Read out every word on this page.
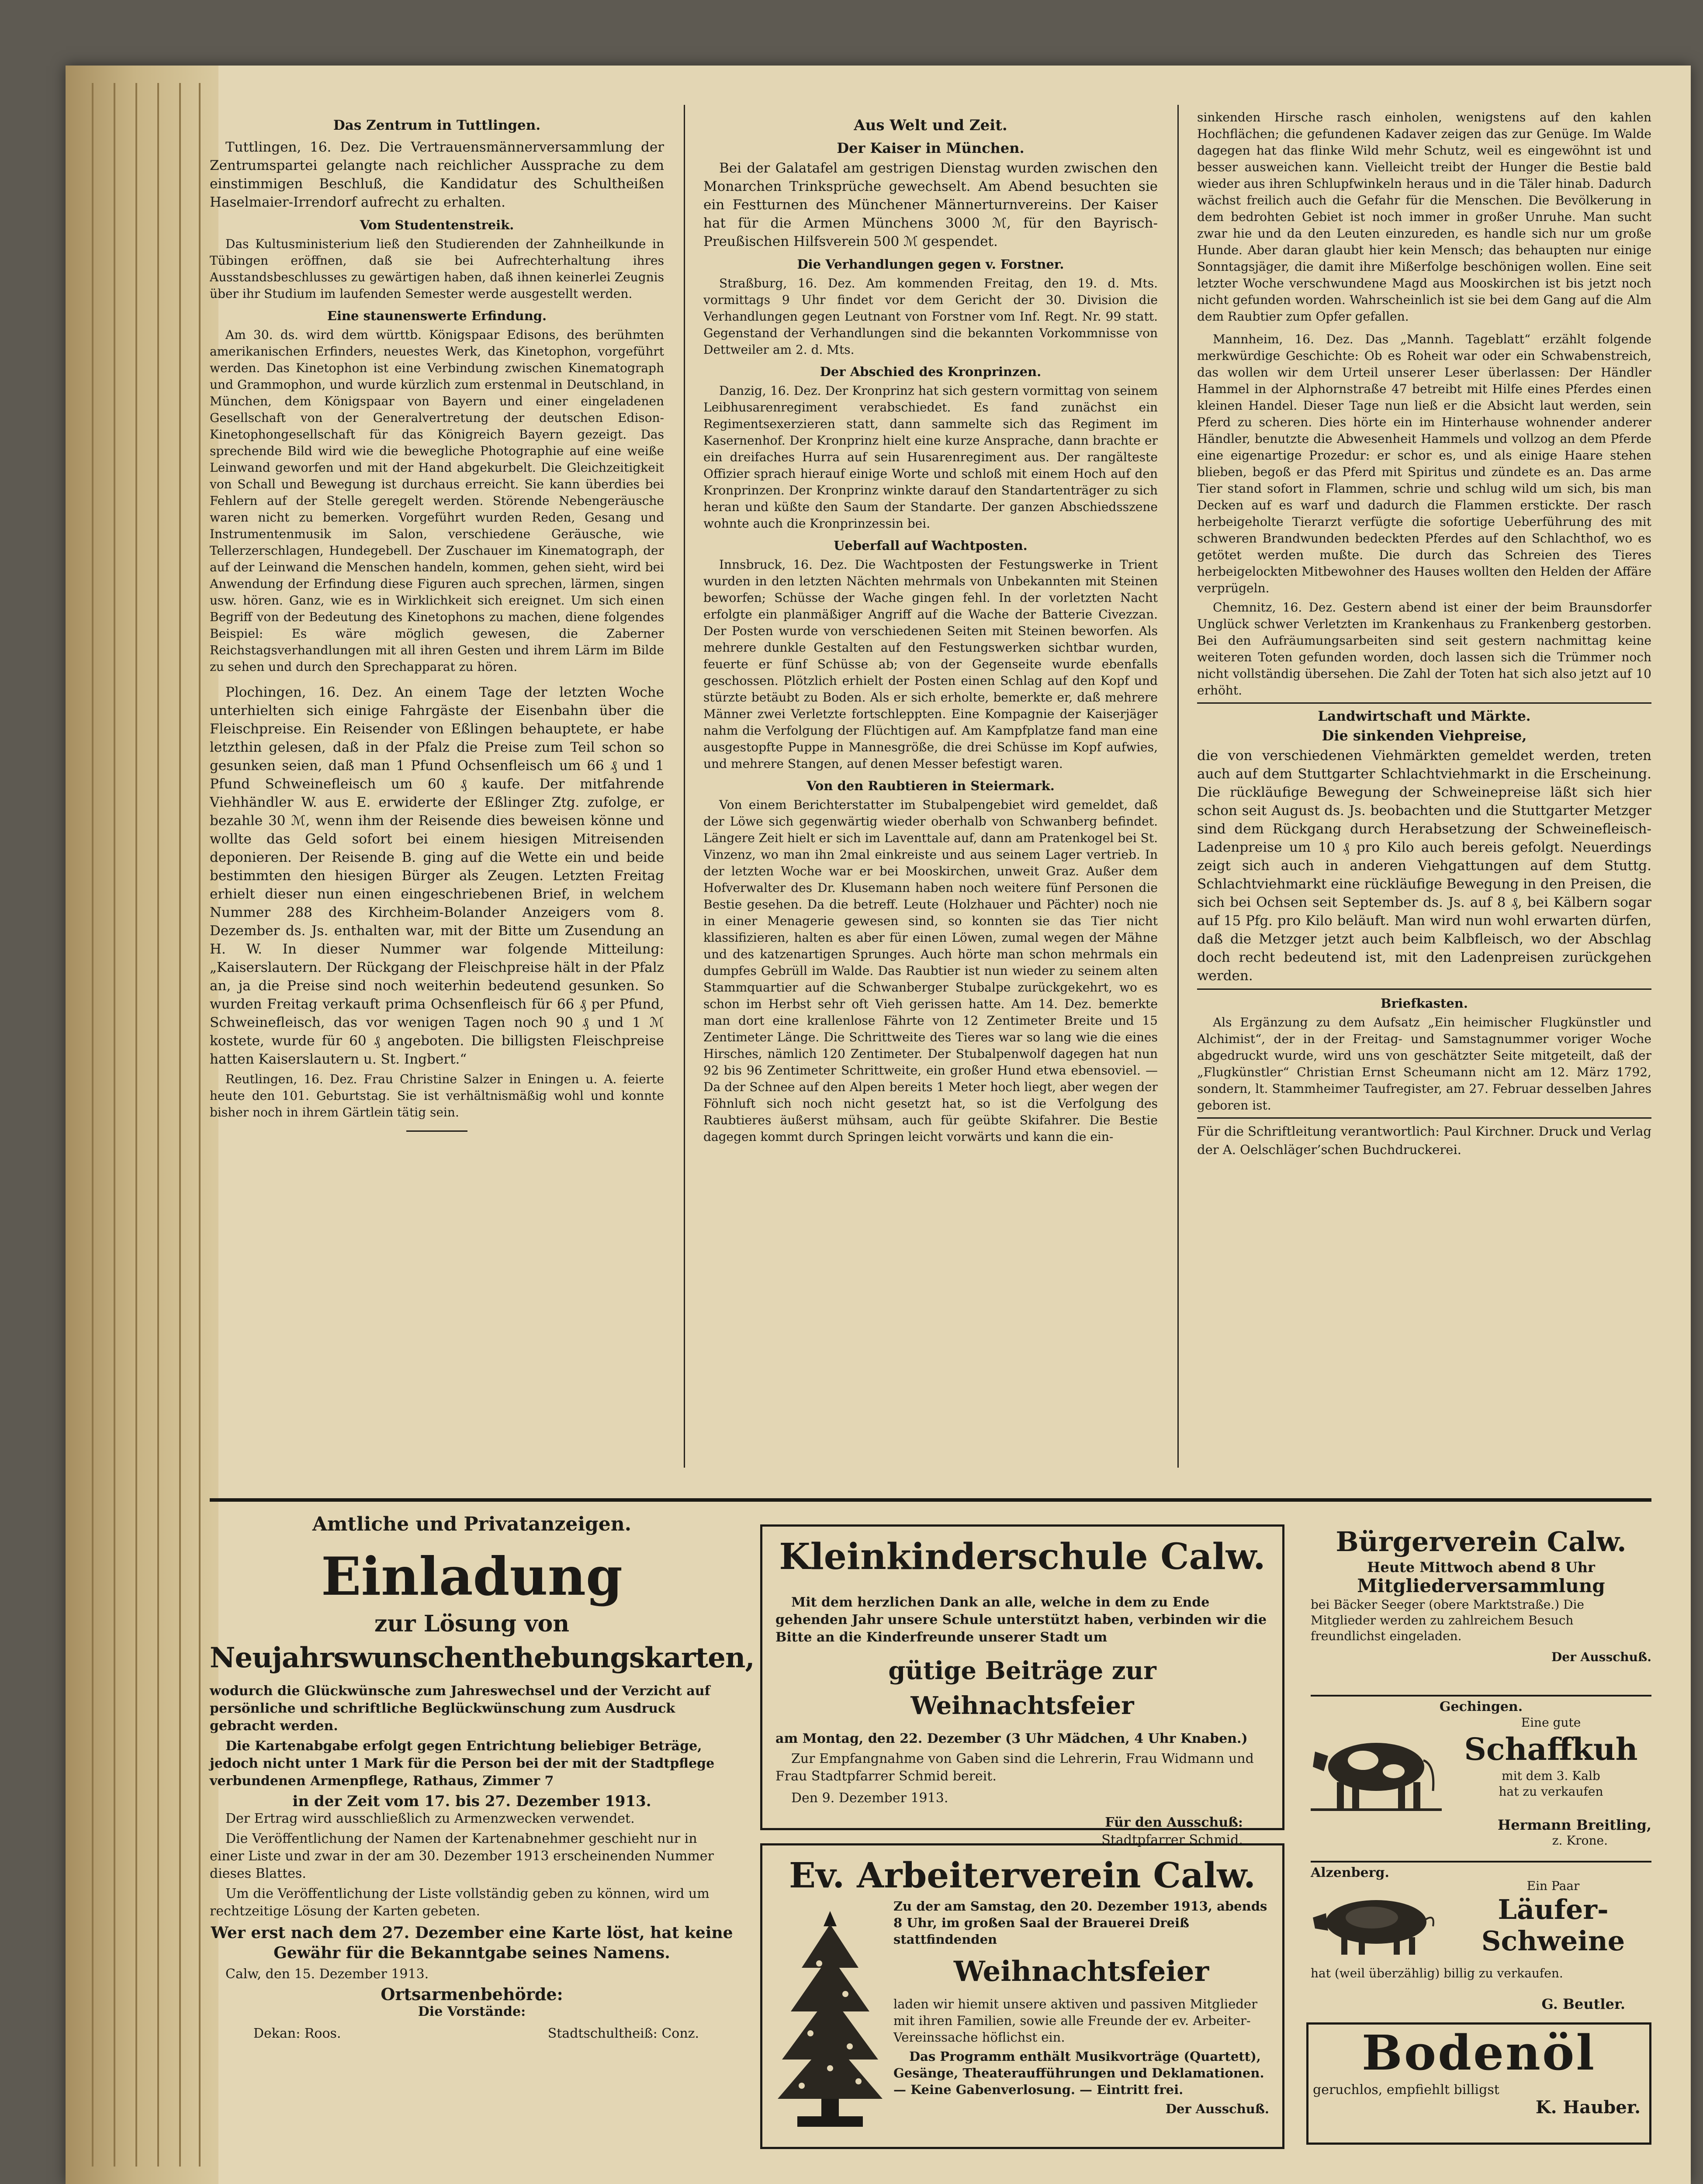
Das Zentrum in Tuttlingen.

Tuttlingen, 16. Dez. Die Vertrauensmännerversammlung der Zentrumspartei gelangte nach reichlicher Aussprache zu dem einstimmigen Beschluß, die Kandidatur des Schultheißen Haselmaier-Irrendorf aufrecht zu erhalten.

Vom Studentenstreik.

Das Kultusministerium ließ den Studierenden der Zahnheilkunde in Tübingen eröffnen, daß sie bei Aufrechterhaltung ihres Ausstandsbeschlusses zu gewärtigen haben, daß ihnen keinerlei Zeugnis über ihr Studium im laufenden Semester werde ausgestellt werden.

Eine staunenswerte Erfindung.

Am 30. ds. wird dem württb. Königspaar Edisons, des berühmten amerikanischen Erfinders, neuestes Werk, das Kinetophon, vorgeführt werden. Das Kinetophon ist eine Verbindung zwischen Kinematograph und Grammophon, und wurde kürzlich zum erstenmal in Deutschland, in München, dem Königspaar von Bayern und einer eingeladenen Gesellschaft von der Generalvertretung der deutschen Edison-Kinetophongesellschaft für das Königreich Bayern gezeigt. Das sprechende Bild wird wie die bewegliche Photographie auf eine weiße Leinwand geworfen und mit der Hand abgekurbelt. Die Gleichzeitigkeit von Schall und Bewegung ist durchaus erreicht. Sie kann überdies bei Fehlern auf der Stelle geregelt werden. Störende Nebengeräusche waren nicht zu bemerken. Vorgeführt wurden Reden, Gesang und Instrumentenmusik im Salon, verschiedene Geräusche, wie Tellerzerschlagen, Hundegebell. Der Zuschauer im Kinematograph, der auf der Leinwand die Menschen handeln, kommen, gehen sieht, wird bei Anwendung der Erfindung diese Figuren auch sprechen, lärmen, singen usw. hören. Ganz, wie es in Wirklichkeit sich ereignet. Um sich einen Begriff von der Bedeutung des Kinetophons zu machen, diene folgendes Beispiel: Es wäre möglich gewesen, die Zaberner Reichstagsverhandlungen mit all ihren Gesten und ihrem Lärm im Bilde zu sehen und durch den Sprechapparat zu hören.

Plochingen, 16. Dez. An einem Tage der letzten Woche unterhielten sich einige Fahrgäste der Eisenbahn über die Fleischpreise. Ein Reisender von Eßlingen behauptete, er habe letzthin gelesen, daß in der Pfalz die Preise zum Teil schon so gesunken seien, daß man 1 Pfund Ochsenfleisch um 66 ₰ und 1 Pfund Schweinefleisch um 60 ₰ kaufe. Der mitfahrende Viehhändler W. aus E. erwiderte der Eßlinger Ztg. zufolge, er bezahle 30 ℳ, wenn ihm der Reisende dies beweisen könne und wollte das Geld sofort bei einem hiesigen Mitreisenden deponieren. Der Reisende B. ging auf die Wette ein und beide bestimmten den hiesigen Bürger als Zeugen. Letzten Freitag erhielt dieser nun einen eingeschriebenen Brief, in welchem Nummer 288 des Kirchheim-Bolander Anzeigers vom 8. Dezember ds. Js. enthalten war, mit der Bitte um Zusendung an H. W. In dieser Nummer war folgende Mitteilung: „Kaiserslautern. Der Rückgang der Fleischpreise hält in der Pfalz an, ja die Preise sind noch weiterhin bedeutend gesunken. So wurden Freitag verkauft prima Ochsenfleisch für 66 ₰ per Pfund, Schweinefleisch, das vor wenigen Tagen noch 90 ₰ und 1 ℳ kostete, wurde für 60 ₰ angeboten. Die billigsten Fleischpreise hatten Kaiserslautern u. St. Ingbert.“

Reutlingen, 16. Dez. Frau Christine Salzer in Eningen u. A. feierte heute den 101. Geburtstag. Sie ist verhältnismäßig wohl und konnte bisher noch in ihrem Gärtlein tätig sein.

Aus Welt und Zeit.
Der Kaiser in München.

Bei der Galatafel am gestrigen Dienstag wurden zwischen den Monarchen Trinksprüche gewechselt. Am Abend besuchten sie ein Festturnen des Münchener Männerturnvereins. Der Kaiser hat für die Armen Münchens 3000 ℳ, für den Bayrisch-Preußischen Hilfsverein 500 ℳ gespendet.

Die Verhandlungen gegen v. Forstner.

Straßburg, 16. Dez. Am kommenden Freitag, den 19. d. Mts. vormittags 9 Uhr findet vor dem Gericht der 30. Division die Verhandlungen gegen Leutnant von Forstner vom Inf. Regt. Nr. 99 statt. Gegenstand der Verhandlungen sind die bekannten Vorkommnisse von Dettweiler am 2. d. Mts.

Der Abschied des Kronprinzen.

Danzig, 16. Dez. Der Kronprinz hat sich gestern vormittag von seinem Leibhusarenregiment verabschiedet. Es fand zunächst ein Regimentsexerzieren statt, dann sammelte sich das Regiment im Kasernenhof. Der Kronprinz hielt eine kurze Ansprache, dann brachte er ein dreifaches Hurra auf sein Husarenregiment aus. Der rangälteste Offizier sprach hierauf einige Worte und schloß mit einem Hoch auf den Kronprinzen. Der Kronprinz winkte darauf den Standartenträger zu sich heran und küßte den Saum der Standarte. Der ganzen Abschiedsszene wohnte auch die Kronprinzessin bei.

Ueberfall auf Wachtposten.

Innsbruck, 16. Dez. Die Wachtposten der Festungswerke in Trient wurden in den letzten Nächten mehrmals von Unbekannten mit Steinen beworfen; Schüsse der Wache gingen fehl. In der vorletzten Nacht erfolgte ein planmäßiger Angriff auf die Wache der Batterie Civezzan. Der Posten wurde von verschiedenen Seiten mit Steinen beworfen. Als mehrere dunkle Gestalten auf den Festungswerken sichtbar wurden, feuerte er fünf Schüsse ab; von der Gegenseite wurde ebenfalls geschossen. Plötzlich erhielt der Posten einen Schlag auf den Kopf und stürzte betäubt zu Boden. Als er sich erholte, bemerkte er, daß mehrere Männer zwei Verletzte fortschleppten. Eine Kompagnie der Kaiserjäger nahm die Verfolgung der Flüchtigen auf. Am Kampfplatze fand man eine ausgestopfte Puppe in Mannesgröße, die drei Schüsse im Kopf aufwies, und mehrere Stangen, auf denen Messer befestigt waren.

Von den Raubtieren in Steiermark.

Von einem Berichterstatter im Stubalpengebiet wird gemeldet, daß der Löwe sich gegenwärtig wieder oberhalb von Schwanberg befindet. Längere Zeit hielt er sich im Laventtale auf, dann am Pratenkogel bei St. Vinzenz, wo man ihn 2mal einkreiste und aus seinem Lager vertrieb. In der letzten Woche war er bei Mooskirchen, unweit Graz. Außer dem Hofverwalter des Dr. Klusemann haben noch weitere fünf Personen die Bestie gesehen. Da die betreff. Leute (Holzhauer und Pächter) noch nie in einer Menagerie gewesen sind, so konnten sie das Tier nicht klassifizieren, halten es aber für einen Löwen, zumal wegen der Mähne und des katzenartigen Sprunges. Auch hörte man schon mehrmals ein dumpfes Gebrüll im Walde. Das Raubtier ist nun wieder zu seinem alten Stammquartier auf die Schwanberger Stubalpe zurückgekehrt, wo es schon im Herbst sehr oft Vieh gerissen hatte. Am 14. Dez. bemerkte man dort eine krallenlose Fährte von 12 Zentimeter Breite und 15 Zentimeter Länge. Die Schrittweite des Tieres war so lang wie die eines Hirsches, nämlich 120 Zentimeter. Der Stubalpenwolf dagegen hat nun 92 bis 96 Zentimeter Schrittweite, ein großer Hund etwa ebensoviel. — Da der Schnee auf den Alpen bereits 1 Meter hoch liegt, aber wegen der Föhnluft sich noch nicht gesetzt hat, so ist die Verfolgung des Raubtieres äußerst mühsam, auch für geübte Skifahrer. Die Bestie dagegen kommt durch Springen leicht vorwärts und kann die ein-

sinkenden Hirsche rasch einholen, wenigstens auf den kahlen Hochflächen; die gefundenen Kadaver zeigen das zur Genüge. Im Walde dagegen hat das flinke Wild mehr Schutz, weil es eingewöhnt ist und besser ausweichen kann. Vielleicht treibt der Hunger die Bestie bald wieder aus ihren Schlupfwinkeln heraus und in die Täler hinab. Dadurch wächst freilich auch die Gefahr für die Menschen. Die Bevölkerung in dem bedrohten Gebiet ist noch immer in großer Unruhe. Man sucht zwar hie und da den Leuten einzureden, es handle sich nur um große Hunde. Aber daran glaubt hier kein Mensch; das behaupten nur einige Sonntagsjäger, die damit ihre Mißerfolge beschönigen wollen. Eine seit letzter Woche verschwundene Magd aus Mooskirchen ist bis jetzt noch nicht gefunden worden. Wahrscheinlich ist sie bei dem Gang auf die Alm dem Raubtier zum Opfer gefallen.

Mannheim, 16. Dez. Das „Mannh. Tageblatt“ erzählt folgende merkwürdige Geschichte: Ob es Roheit war oder ein Schwabenstreich, das wollen wir dem Urteil unserer Leser überlassen: Der Händler Hammel in der Alphornstraße 47 betreibt mit Hilfe eines Pferdes einen kleinen Handel. Dieser Tage nun ließ er die Absicht laut werden, sein Pferd zu scheren. Dies hörte ein im Hinterhause wohnender anderer Händler, benutzte die Abwesenheit Hammels und vollzog an dem Pferde eine eigenartige Prozedur: er schor es, und als einige Haare stehen blieben, begoß er das Pferd mit Spiritus und zündete es an. Das arme Tier stand sofort in Flammen, schrie und schlug wild um sich, bis man Decken auf es warf und dadurch die Flammen erstickte. Der rasch herbeigeholte Tierarzt verfügte die sofortige Ueberführung des mit schweren Brandwunden bedeckten Pferdes auf den Schlachthof, wo es getötet werden mußte. Die durch das Schreien des Tieres herbeigelockten Mitbewohner des Hauses wollten den Helden der Affäre verprügeln.

Chemnitz, 16. Dez. Gestern abend ist einer der beim Braunsdorfer Unglück schwer Verletzten im Krankenhaus zu Frankenberg gestorben. Bei den Aufräumungsarbeiten sind seit gestern nachmittag keine weiteren Toten gefunden worden, doch lassen sich die Trümmer noch nicht vollständig übersehen. Die Zahl der Toten hat sich also jetzt auf 10 erhöht.

Landwirtschaft und Märkte.
Die sinkenden Viehpreise,

die von verschiedenen Viehmärkten gemeldet werden, treten auch auf dem Stuttgarter Schlachtviehmarkt in die Erscheinung. Die rückläufige Bewegung der Schweinepreise läßt sich hier schon seit August ds. Js. beobachten und die Stuttgarter Metzger sind dem Rückgang durch Herabsetzung der Schweinefleisch-Ladenpreise um 10 ₰ pro Kilo auch bereis gefolgt. Neuerdings zeigt sich auch in anderen Viehgattungen auf dem Stuttg. Schlachtviehmarkt eine rückläufige Bewegung in den Preisen, die sich bei Ochsen seit September ds. Js. auf 8 ₰, bei Kälbern sogar auf 15 Pfg. pro Kilo beläuft. Man wird nun wohl erwarten dürfen, daß die Metzger jetzt auch beim Kalbfleisch, wo der Abschlag doch recht bedeutend ist, mit den Ladenpreisen zurückgehen werden.

Briefkasten.

Als Ergänzung zu dem Aufsatz „Ein heimischer Flugkünstler und Alchimist“, der in der Freitag- und Samstagnummer voriger Woche abgedruckt wurde, wird uns von geschätzter Seite mitgeteilt, daß der „Flugkünstler“ Christian Ernst Scheumann nicht am 12. März 1792, sondern, lt. Stammheimer Taufregister, am 27. Februar desselben Jahres geboren ist.

Für die Schriftleitung verantwortlich: Paul Kirchner. Druck und Verlag der A. Oelschläger’schen Buchdruckerei.

Amtliche und Privatanzeigen.
Einladung
zur Lösung von
Neujahrswunschenthebungskarten,

wodurch die Glückwünsche zum Jahreswechsel und der Verzicht auf persönliche und schriftliche Beglückwünschung zum Ausdruck gebracht werden.

Die Kartenabgabe erfolgt gegen Entrichtung beliebiger Beträge, jedoch nicht unter 1 Mark für die Person bei der mit der Stadtpflege verbundenen Armenpflege, Rathaus, Zimmer 7

in der Zeit vom 17. bis 27. Dezember 1913.

Der Ertrag wird ausschließlich zu Armenzwecken verwendet.

Die Veröffentlichung der Namen der Kartenabnehmer geschieht nur in einer Liste und zwar in der am 30. Dezember 1913 erscheinenden Nummer dieses Blattes.

Um die Veröffentlichung der Liste vollständig geben zu können, wird um rechtzeitige Lösung der Karten gebeten.

Wer erst nach dem 27. Dezember eine Karte löst, hat keine Gewähr für die Bekanntgabe seines Namens.

Calw, den 15. Dezember 1913.

Ortsarmenbehörde:
Die Vorstände:
Dekan: Roos.	Stadtschultheiß: Conz.
Kleinkinderschule Calw.

Mit dem herzlichen Dank an alle, welche in dem zu Ende gehenden Jahr unsere Schule unterstützt haben, verbinden wir die Bitte an die Kinderfreunde unserer Stadt um

gütige Beiträge zur Weihnachtsfeier

am Montag, den 22. Dezember (3 Uhr Mädchen, 4 Uhr Knaben.)

Zur Empfangnahme von Gaben sind die Lehrerin, Frau Widmann und Frau Stadtpfarrer Schmid bereit.

Den 9. Dezember 1913.

Für den Ausschuß:
Stadtpfarrer Schmid.
Ev. Arbeiterverein Calw.

Zu der am Samstag, den 20. Dezember 1913, abends 8 Uhr, im großen Saal der Brauerei Dreiß stattfindenden

Weihnachtsfeier

laden wir hiemit unsere aktiven und passiven Mitglieder mit ihren Familien, sowie alle Freunde der ev. Arbeiter-Vereinssache höflichst ein.

Das Programm enthält Musikvorträge (Quartett), Gesänge, Theateraufführungen und Deklamationen. — Keine Gabenverlosung. — Eintritt frei.

Der Ausschuß.
Bürgerverein Calw.
Heute Mittwoch abend 8 Uhr
Mitgliederversammlung

bei Bäcker Seeger (obere Marktstraße.) Die Mitglieder werden zu zahlreichem Besuch freundlichst eingeladen.

Der Ausschuß.
Gechingen.
Eine gute
Schaffkuh
mit dem 3. Kalb
hat zu verkaufen
Hermann Breitling,
z. Krone.
Alzenberg.
Ein Paar
Läufer-
Schweine

hat (weil überzählig) billig zu verkaufen.

G. Beutler.
Bodenöl
geruchlos, empfiehlt billigst
K. Hauber.
